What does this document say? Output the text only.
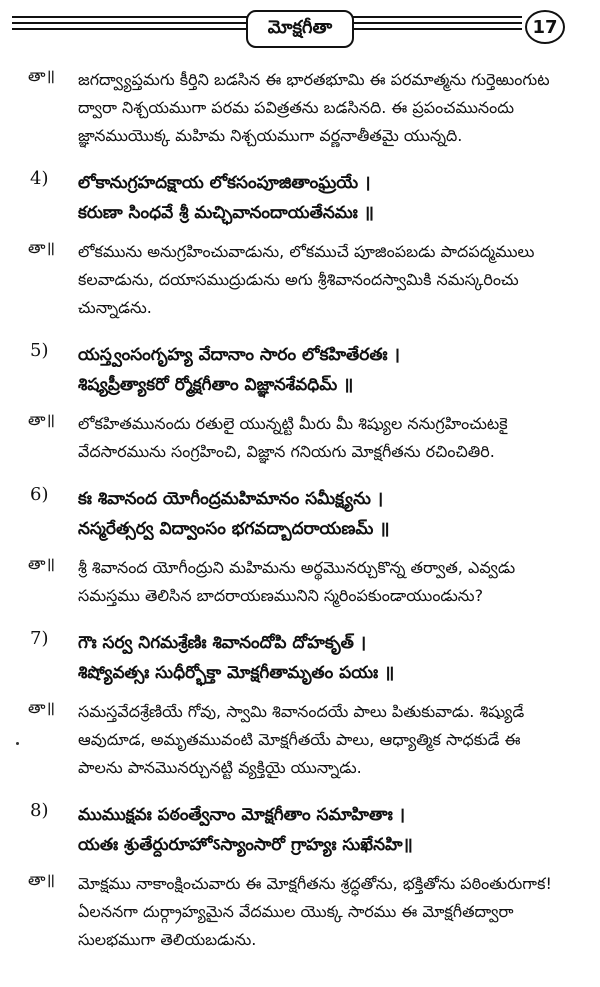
మోక్షగీతా	17
తా॥	జగద్వ్యాప్తమగు కీర్తిని బడసిన ఈ భారతభూమి ఈ పరమాత్మను గుర్తెఱుంగుట
ద్వారా నిశ్చయముగా పరమ పవిత్రతను బడసినది. ఈ ప్రపంచమునందు
జ్ఞానముయొక్క మహిమ నిశ్చయముగా వర్ణనాతీతమై యున్నది.
4)	లోకానుగ్రహదక్షాయ లోకసంపూజితాంఘ్రయే ।
కరుణా సింధవే శ్రీ మచ్ఛివానందాయతేనమః ॥
తా॥	లోకమును అనుగ్రహించువాడును, లోకముచే పూజింపబడు పాదపద్మములు
కలవాడును, దయాసముద్రుడును అగు శ్రీశివానందస్వామికి నమస్కరించు
చున్నాడను.
5)	యస్త్వంసంగృహ్య వేదానాం సారం లోకహితేరతః ।
శిష్యప్రీత్యాకరో ర్మోక్షగీతాం విజ్ఞానశేవధిమ్ ॥
తా॥	లోకహితమునందు రతులై యున్నట్టి మీరు మీ శిష్యుల ననుగ్రహించుటకై
వేదసారమును సంగ్రహించి, విజ్ఞాన గనియగు మోక్షగీతను రచించితిరి.
6)	కః శివానంద యోగీంద్రమహిమానం సమీక్ష్యను ।
నస్మరేత్సర్వ విద్వాంసం భగవద్బాదరాయణమ్ ॥
తా॥	శ్రీ శివానంద యోగీంద్రుని మహిమను అర్థమొనర్చుకొన్న తర్వాత, ఎవ్వడు
సమస్తము తెలిసిన బాదరాయణమునిని స్మరింపకుండాయుండును?
7)	గౌః సర్వ నిగమశ్రేణిః శివానందోపి దోహకృత్ ।
శిష్యోవత్సః సుధీర్భోక్తా మోక్షగీతామృతం పయః ॥
తా॥	సమస్తవేదశ్రేణియే గోవు, స్వామి శివానందయే పాలు పితుకువాడు. శిష్యుడే
ఆవుదూడ, అమృతమువంటి మోక్షగీతయే పాలు, ఆధ్యాత్మిక సాధకుడే ఈ
పాలను పానమొనర్చునట్టి వ్యక్తియై యున్నాడు.
8)	ముముక్షవః పఠంత్వేనాం మోక్షగీతాం సమాహితాః ।
యతః శ్రుతేర్దురూహోऽస్యాంసారో గ్రాహ్యః సుఖేనహి॥
తా॥	మోక్షము నాకాంక్షించువారు ఈ మోక్షగీతను శ్రద్ధతోను, భక్తితోను పఠింతురుగాక!
ఏలననగా దుర్గ్రాహ్యమైన వేదముల యొక్క సారము ఈ మోక్షగీతద్వారా
సులభముగా తెలియబడును.
